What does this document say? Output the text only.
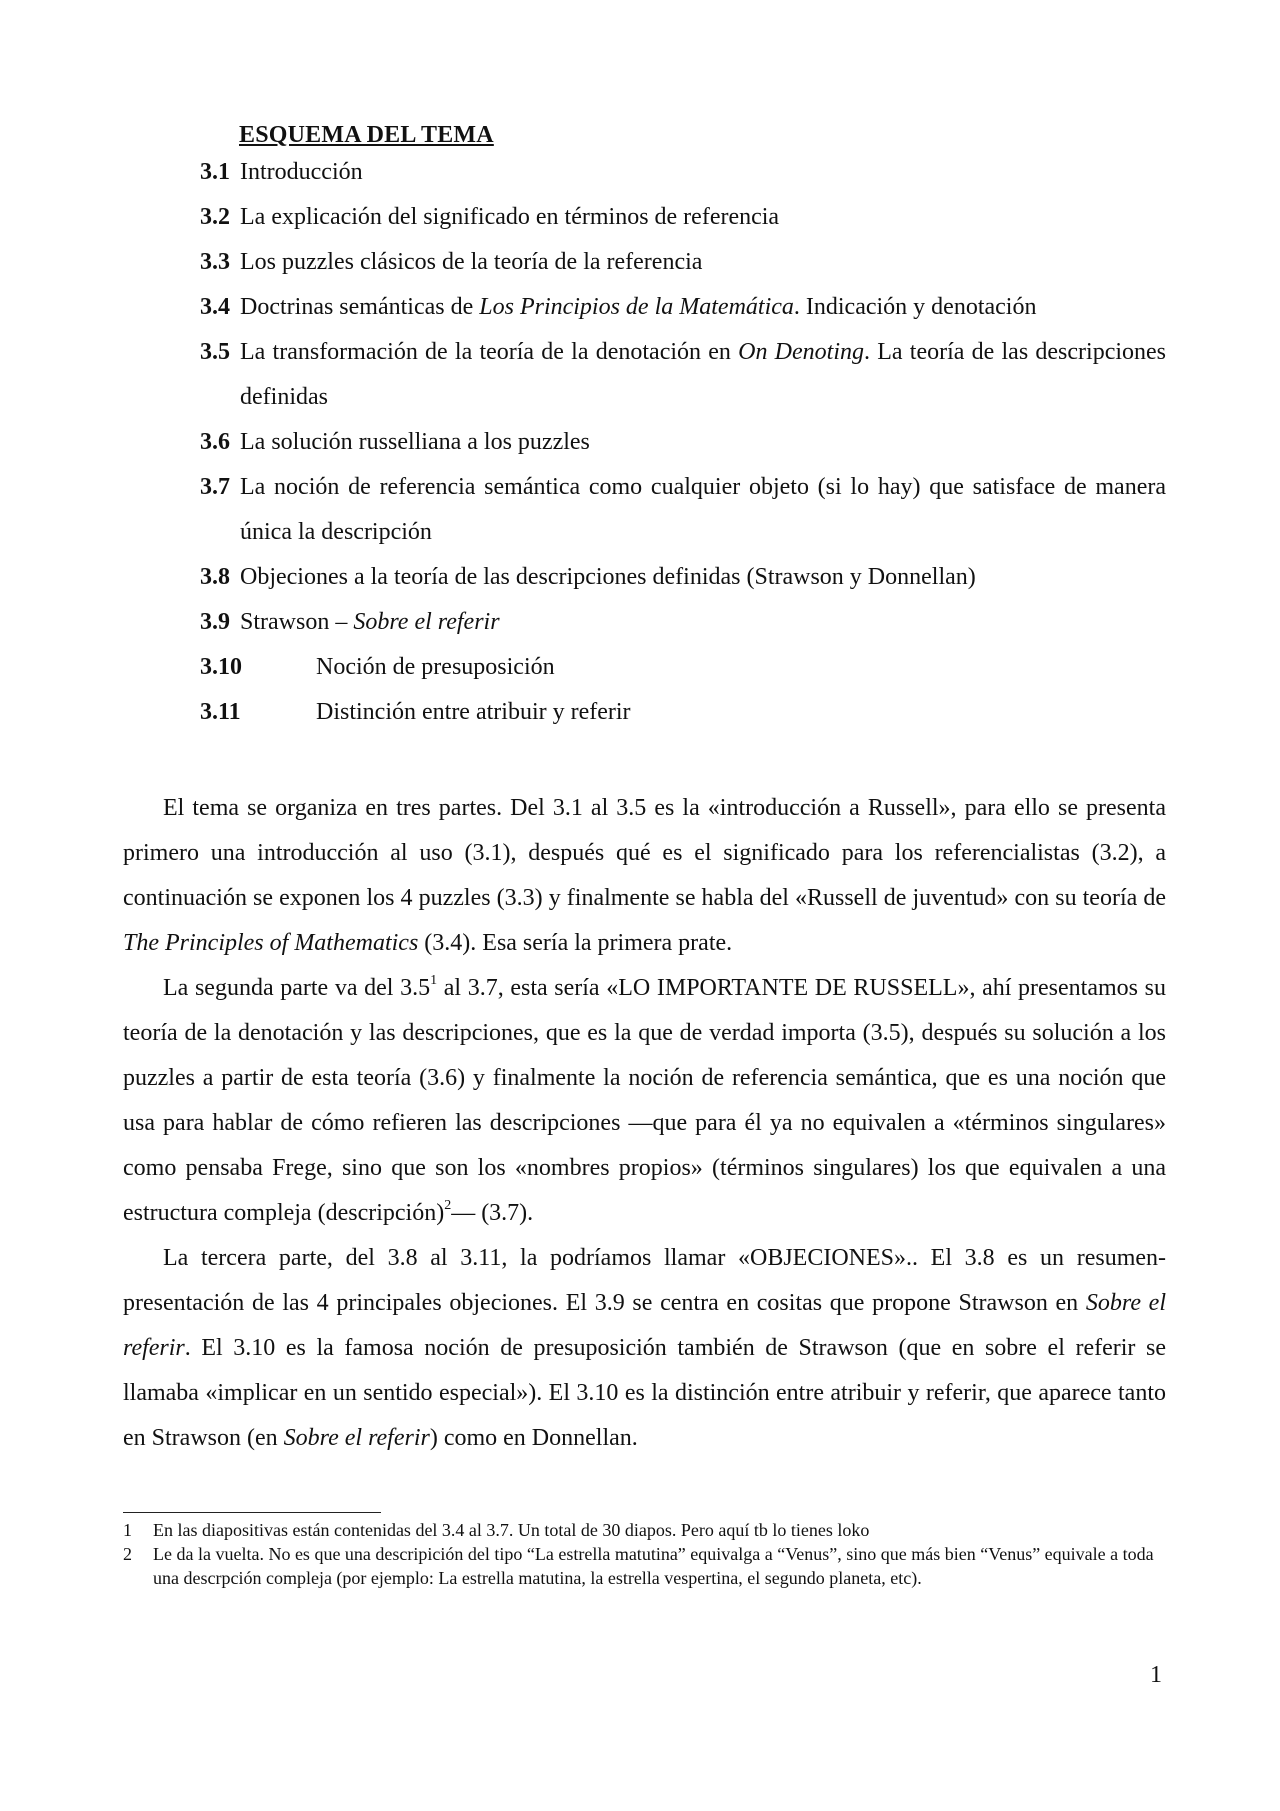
ESQUEMA DEL TEMA
3.1 Introducción
3.2 La explicación del significado en términos de referencia
3.3 Los puzzles clásicos de la teoría de la referencia
3.4 Doctrinas semánticas de Los Principios de la Matemática. Indicación y denotación
3.5 La transformación de la teoría de la denotación en On Denoting. La teoría de las descripciones definidas
3.6 La solución russelliana a los puzzles
3.7 La noción de referencia semántica como cualquier objeto (si lo hay) que satisface de manera única la descripción
3.8 Objeciones a la teoría de las descripciones definidas (Strawson y Donnellan)
3.9 Strawson – Sobre el referir
3.10	Noción de presuposición
3.11	Distinción entre atribuir y referir

El tema se organiza en tres partes. Del 3.1 al 3.5 es la «introducción a Russell», para ello se presenta primero una introducción al uso (3.1), después qué es el significado para los referencialistas (3.2), a continuación se exponen los 4 puzzles (3.3) y finalmente se habla del «Russell de juventud» con su teoría de The Principles of Mathematics (3.4). Esa sería la primera prate.

La segunda parte va del $3.5^1$ al 3.7, esta sería «LO IMPORTANTE DE RUSSELL», ahí presentamos su teoría de la denotación y las descripciones, que es la que de verdad importa (3.5), después su solución a los puzzles a partir de esta teoría (3.6) y finalmente la noción de referencia semántica, que es una noción que usa para hablar de cómo refieren las descripciones —que para él ya no equivalen a «términos singulares» como pensaba Frege, sino que son los «nombres propios» (términos singulares) los que equivalen a una estructura compleja (descripción)$^2$— (3.7).

La tercera parte, del 3.8 al 3.11, la podríamos llamar «OBJECIONES».. El 3.8 es un resumen-presentación de las 4 principales objeciones. El 3.9 se centra en cositas que propone Strawson en Sobre el referir. El 3.10 es la famosa noción de presuposición también de Strawson (que en sobre el referir se llamaba «implicar en un sentido especial»). El 3.10 es la distinción entre atribuir y referir, que aparece tanto en Strawson (en Sobre el referir) como en Donnellan.

1 En las diapositivas están contenidas del 3.4 al 3.7. Un total de 30 diapos. Pero aquí tb lo tienes loko
2 Le da la vuelta. No es que una descripición del tipo “La estrella matutina” equivalga a “Venus”, sino que más bien “Venus” equivale a toda una descrpción compleja (por ejemplo: La estrella matutina, la estrella vespertina, el segundo planeta, etc).
1
